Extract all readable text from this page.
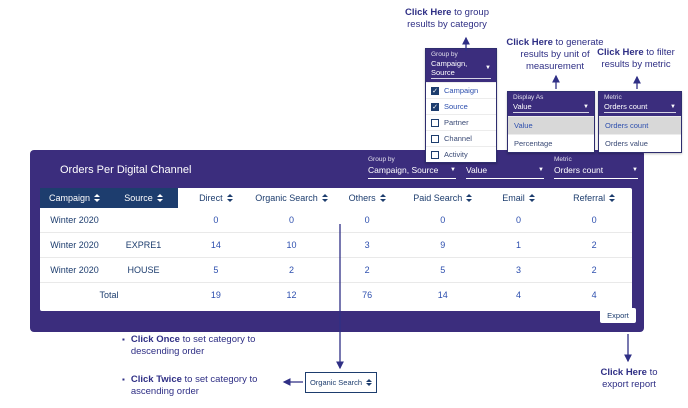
Click Here to group results by category
Click Here to generate results by unit of measurement
Click Here to filter results by metric
Click Here to export report
▪ Click Once to set category to descending order
▪ Click Twice to set category to ascending order
Group by
Campaign, Source	▼
✓ Campaign
✓ Source
Partner
Channel
Activity
Display As
Value	▼
Value
Percentage
Metric
Orders count	▼
Orders count
Orders value
Orders Per Digital Channel
Group by
Campaign, Source ▼ Value	▼
Metric
Orders count	▼
Campaign	Source	Direct	Organic Search	Others	Paid Search	Email	Referral

Winter 2020		0	0	0	0	0	0
Winter 2020	EXPRE1	14	10	3	9	1	2
Winter 2020	HOUSE	5	2	2	5	3	2
Total		19	12	76	14	4	4
Export
Organic Search
